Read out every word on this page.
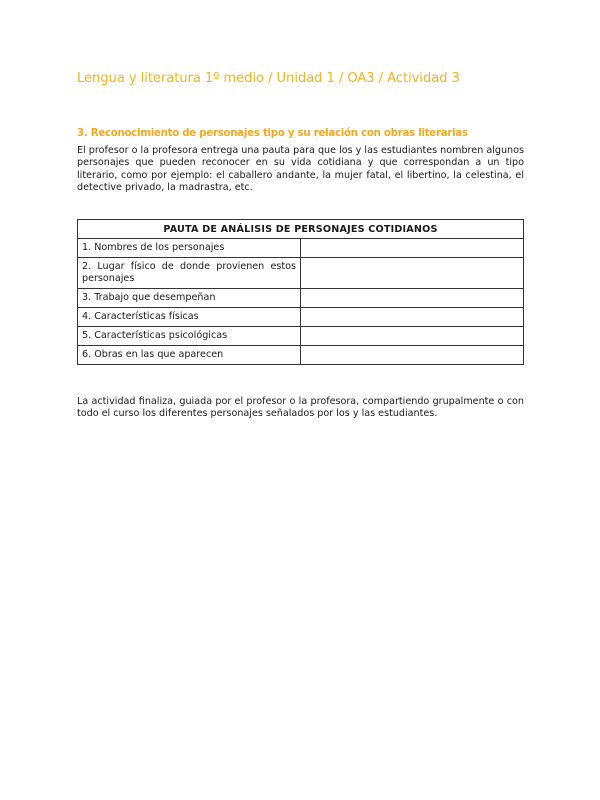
Lengua y literatura 1º medio / Unidad 1 / OA3 / Actividad 3
3. Reconocimiento de personajes tipo y su relación con obras literarias
El profesor o la profesora entrega una pauta para que los y las estudiantes nombren algunos personajes que pueden reconocer en su vida cotidiana y que correspondan a un tipo literario, como por ejemplo: el caballero andante, la mujer fatal, el libertino, la celestina, el detective privado, la madrastra, etc.
PAUTA DE ANÁLISIS DE PERSONAJES COTIDIANOS	
1. Nombres de los personajes	
2. Lugar físico de donde provienen estos personajes	
3. Trabajo que desempeñan	
4. Características físicas	
5. Características psicológicas	
6. Obras en las que aparecen	
La actividad finaliza, guiada por el profesor o la profesora, compartiendo grupalmente o con todo el curso los diferentes personajes señalados por los y las estudiantes.
